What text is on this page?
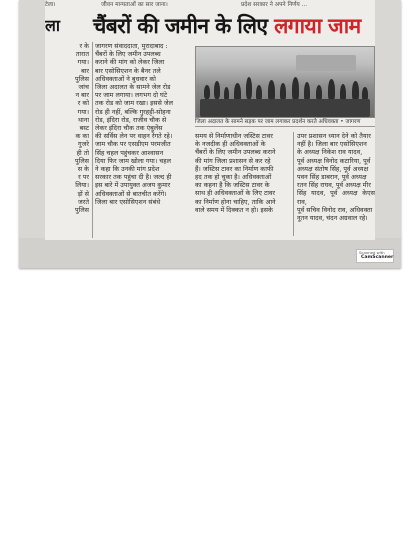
टेला।	जीवन मान्यताओं का सार जाना।	प्रदेश सरकार ने अपने निर्णय ...
ला चैंबरों की जमीन के लिए लगाया जाम
र के
तारात
गया।
बार
पुलिस
जांच
न बार
र को
गया।
थाना
बस्ट
क का
गुजरे
ही तो
पुलिस
स के
र पर
लिया।
ड़ों से
जरते
पुलिस
जागरण संवाददाता, मुरादाबाद :
चैंबरों के लिए जमीन उपलब्ध
कराने की मांग को लेकर जिला
बार एसोसिएशन के बैनर तले
अधिवक्ताओं ने बुधवार को
जिला अदालत के सामने जेल रोड
पर जाम लगाया। लगभग दो घंटे
तक रोड को जाम रखा। इससे जेल
रोड ही नहीं, बल्कि गुरहट्टी-सोहना
रोड, इंदिरा रोड, राजीव चौक से
लेकर इंदिरा चौक तक एंबुलेंस
की सर्विस लेन पर वाहन रेंगते रहे।
जाम चौक पर एसडीएम परमजीत
सिंह चहल पहुंचकर आश्वासन
दिया फिर जाम खोला गया। चहल
ने कहा कि उनकी मांग प्रदेश
सरकार तक पहुंचा दी है। जल्द ही
इस बारे में उपायुक्त अजय कुमार
अधिवक्ताओं से बातचीत करेंगे।
जिला बार एसोसिएशन संबंधे
जिला अदालत के सामने सड़क पर जाम लगाकर प्रदर्शन करते अधिवक्ता • जागरण
समय से निर्माणाधीन जस्टिस टावर
के नजदीक ही अधिवक्ताओं के
चैंबरों के लिए जमीन उपलब्ध कराने
की मांग जिला प्रशासन से कर रहे
हैं। जस्टिस टावर का निर्माण काफी
हद तक हो चुका है। अधिवक्ताओं
का कहना है कि जस्टिस टावर के
साथ ही अधिवक्ताओं के लिए टावर
का निर्माण होना चाहिए, ताकि आने
वाले समय में दिक्कत न हो। इसके
उपर प्रशासन ध्यान देने को तैयार
नहीं है। जिला बार एसोसिएशन
के अध्यक्ष निकेश राव यादव,
पूर्व अध्यक्ष विनोद कटारिया, पूर्व
अध्यक्ष संतोष सिंह, पूर्व अध्यक्ष
पवन सिंह डाबरान, पूर्व अध्यक्ष
रतन सिंह राघव, पूर्व अध्यक्ष मीर
सिंह यादव, पूर्व अध्यक्ष केएस राव,
पूर्व सचिव विनोद राव, अधिवक्ता
नूतन यादव, चंदन अग्रवाल रहे।
Scanned with
CamScanner
